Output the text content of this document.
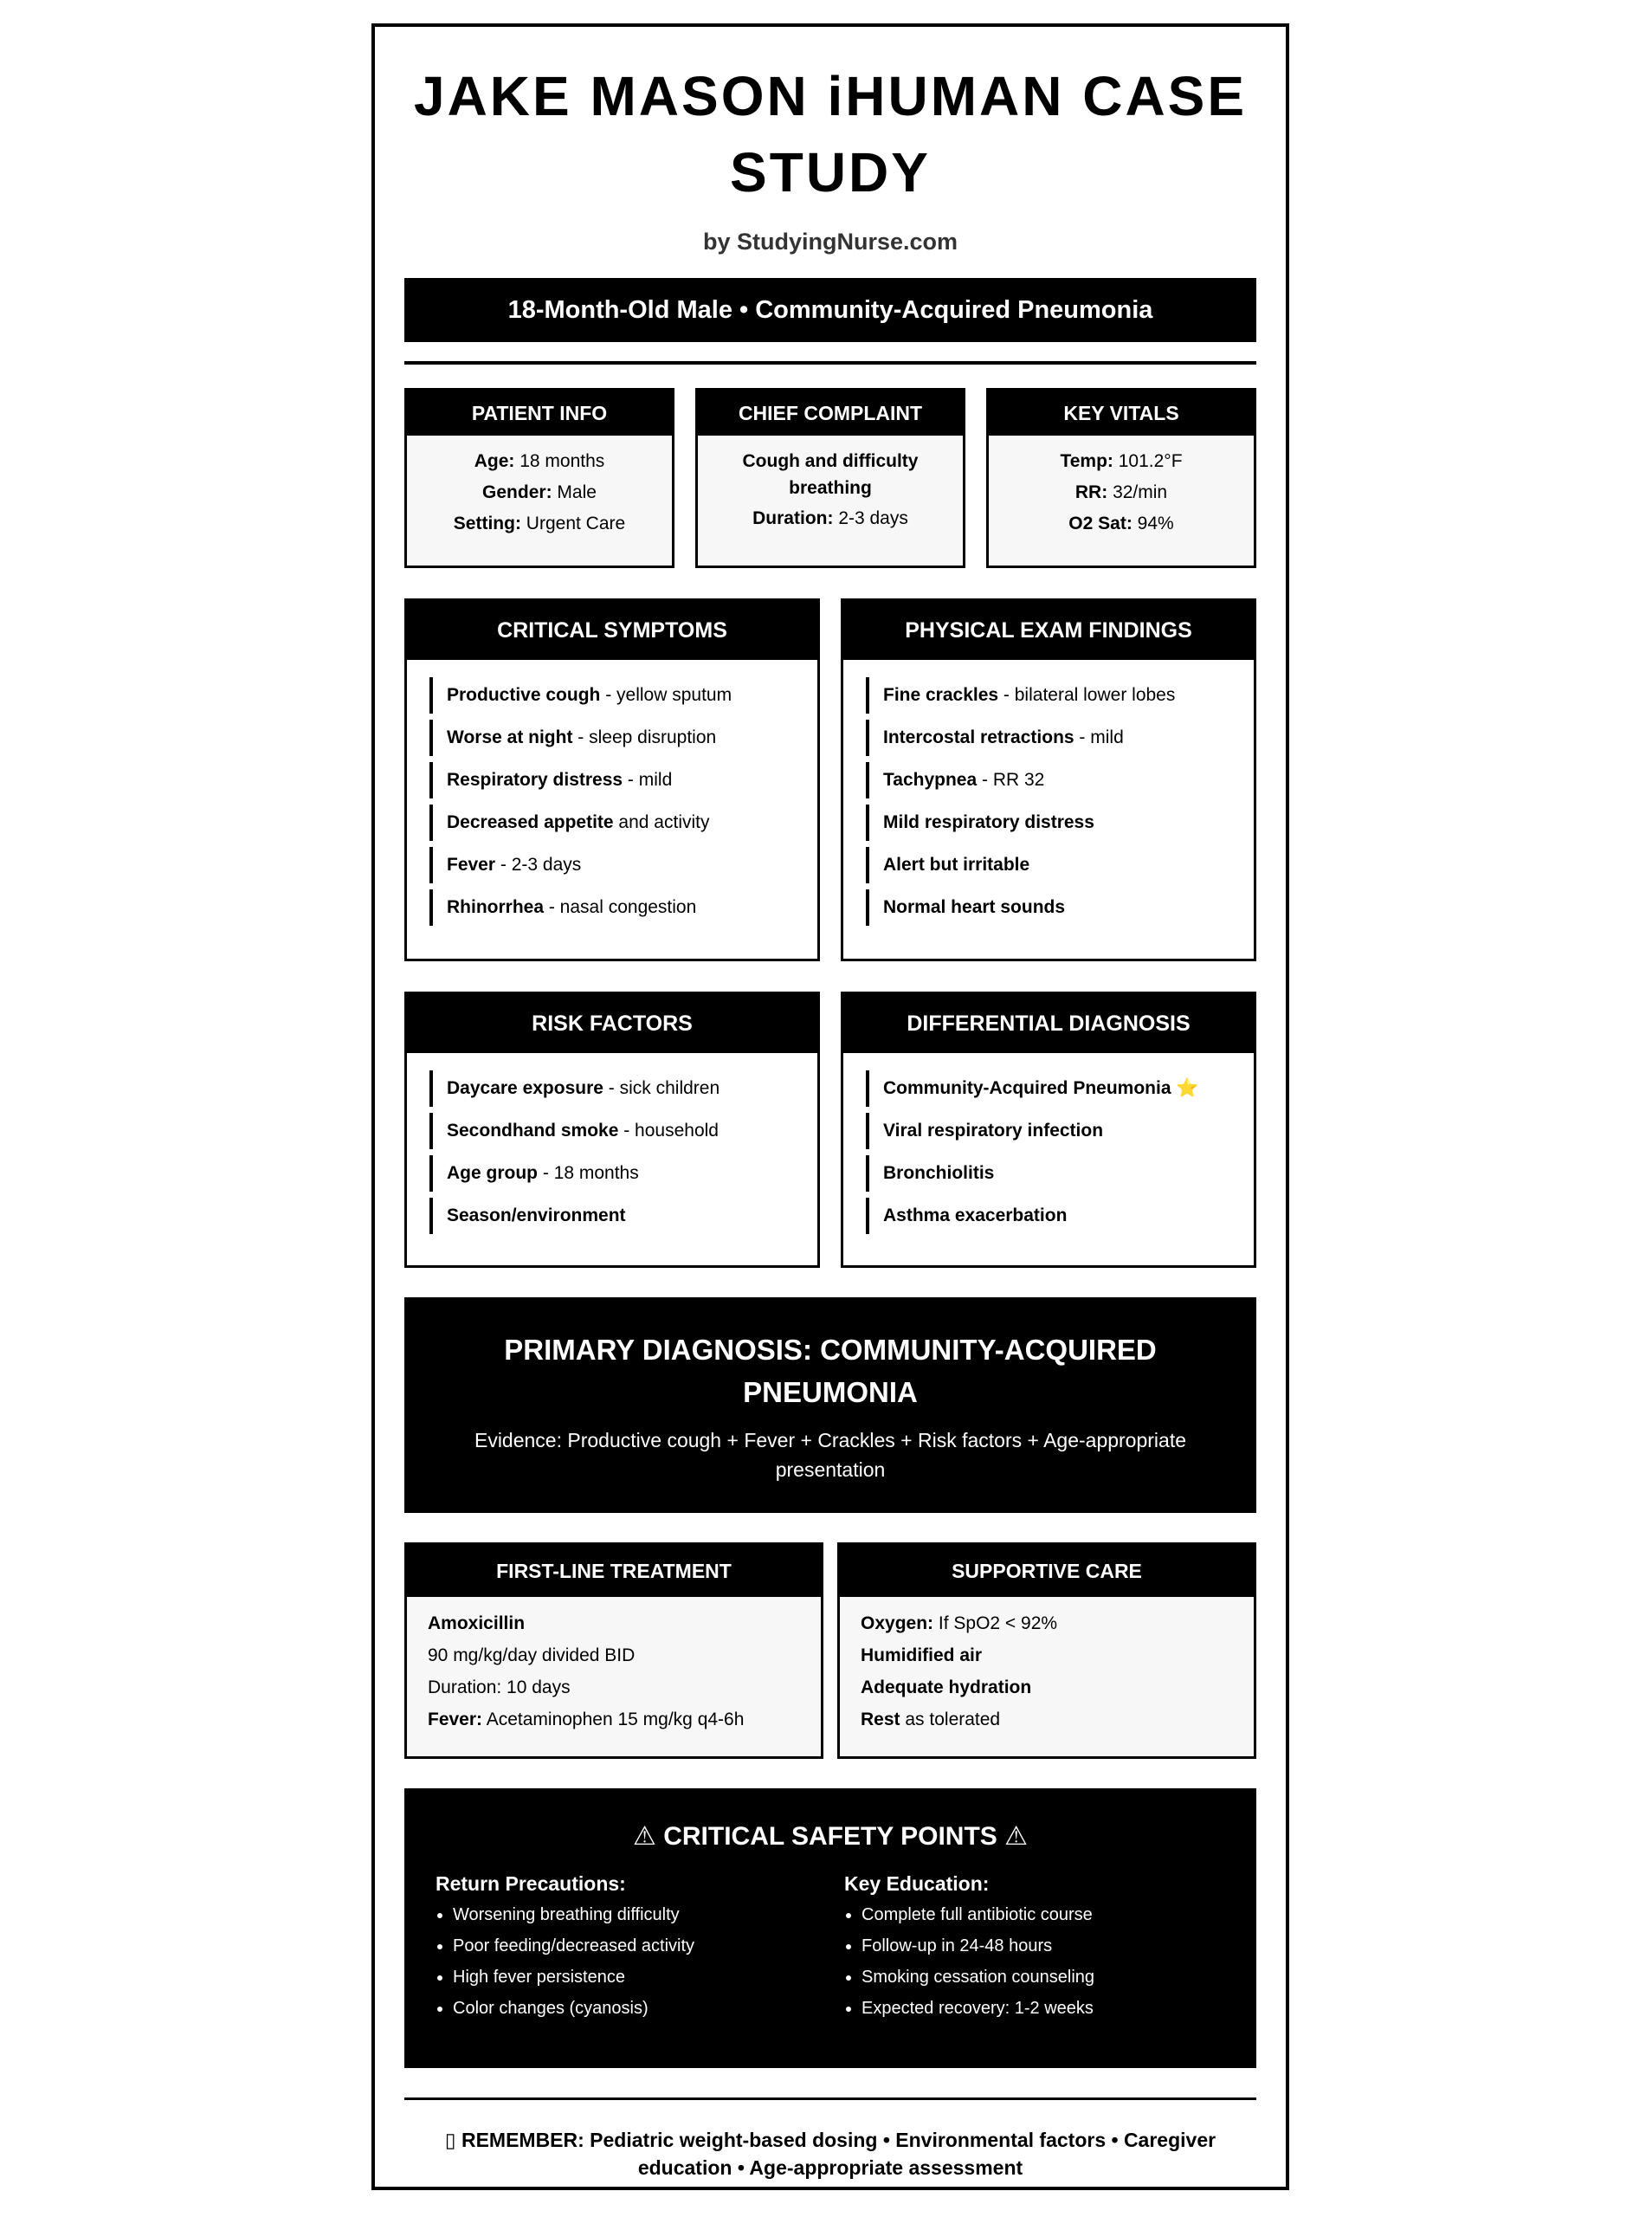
JAKE MASON iHUMAN CASE STUDY
by StudyingNurse.com
18-Month-Old Male • Community-Acquired Pneumonia
PATIENT INFO
Age: 18 months
Gender: Male
Setting: Urgent Care
CHIEF COMPLAINT
Cough and difficulty breathing
Duration: 2-3 days
KEY VITALS
Temp: 101.2°F
RR: 32/min
O2 Sat: 94%
CRITICAL SYMPTOMS
Productive cough - yellow sputum
Worse at night - sleep disruption
Respiratory distress - mild
Decreased appetite and activity
Fever - 2-3 days
Rhinorrhea - nasal congestion
PHYSICAL EXAM FINDINGS
Fine crackles - bilateral lower lobes
Intercostal retractions - mild
Tachypnea - RR 32
Mild respiratory distress
Alert but irritable
Normal heart sounds
RISK FACTORS
Daycare exposure - sick children
Secondhand smoke - household
Age group - 18 months
Season/environment
DIFFERENTIAL DIAGNOSIS
Community-Acquired Pneumonia ⭐
Viral respiratory infection
Bronchiolitis
Asthma exacerbation
PRIMARY DIAGNOSIS: COMMUNITY-ACQUIRED PNEUMONIA
Evidence: Productive cough + Fever + Crackles + Risk factors + Age-appropriate presentation
FIRST-LINE TREATMENT
Amoxicillin
90 mg/kg/day divided BID
Duration: 10 days
Fever: Acetaminophen 15 mg/kg q4-6h
SUPPORTIVE CARE
Oxygen: If SpO2 < 92%
Humidified air
Adequate hydration
Rest as tolerated
⚠ CRITICAL SAFETY POINTS ⚠
Return Precautions:
• Worsening breathing difficulty
• Poor feeding/decreased activity
• High fever persistence
• Color changes (cyanosis)
Key Education:
• Complete full antibiotic course
• Follow-up in 24-48 hours
• Smoking cessation counseling
• Expected recovery: 1-2 weeks
▯ REMEMBER: Pediatric weight-based dosing • Environmental factors • Caregiver education • Age-appropriate assessment
